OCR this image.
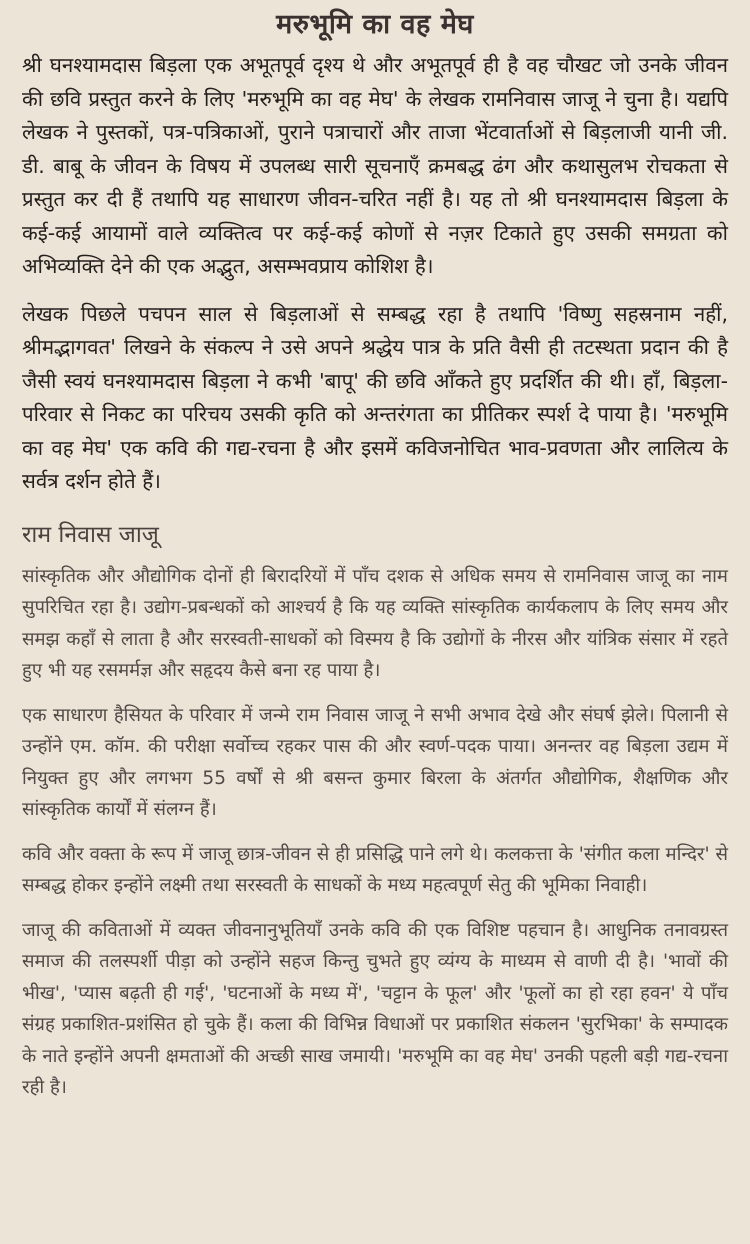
मरुभूमि का वह मेघ

श्री घनश्यामदास बिड़ला एक अभूतपूर्व दृश्य थे और अभूतपूर्व ही है वह चौखट जो उनके जीवन की छवि प्रस्तुत करने के लिए 'मरुभूमि का वह मेघ' के लेखक रामनिवास जाजू ने चुना है। यद्यपि लेखक ने पुस्तकों, पत्र-पत्रिकाओं, पुराने पत्राचारों और ताजा भेंटवार्ताओं से बिड़लाजी यानी जी. डी. बाबू के जीवन के विषय में उपलब्ध सारी सूचनाएँ क्रमबद्ध ढंग और कथासुलभ रोचकता से प्रस्तुत कर दी हैं तथापि यह साधारण जीवन-चरित नहीं है। यह तो श्री घनश्यामदास बिड़ला के कई-कई आयामों वाले व्यक्तित्व पर कई-कई कोणों से नज़र टिकाते हुए उसकी समग्रता को अभिव्यक्ति देने की एक अद्भुत, असम्भवप्राय कोशिश है।

लेखक पिछले पचपन साल से बिड़लाओं से सम्बद्ध रहा है तथापि 'विष्णु सहस्रनाम नहीं, श्रीमद्भागवत' लिखने के संकल्प ने उसे अपने श्रद्धेय पात्र के प्रति वैसी ही तटस्थता प्रदान की है जैसी स्वयं घनश्यामदास बिड़ला ने कभी 'बापू' की छवि आँकते हुए प्रदर्शित की थी। हाँ, बिड़ला-परिवार से निकट का परिचय उसकी कृति को अन्तरंगता का प्रीतिकर स्पर्श दे पाया है। 'मरुभूमि का वह मेघ' एक कवि की गद्य-रचना है और इसमें कविजनोचित भाव-प्रवणता और लालित्य के सर्वत्र दर्शन होते हैं।

राम निवास जाजू

सांस्कृतिक और औद्योगिक दोनों ही बिरादरियों में पाँच दशक से अधिक समय से रामनिवास जाजू का नाम सुपरिचित रहा है। उद्योग-प्रबन्धकों को आश्चर्य है कि यह व्यक्ति सांस्कृतिक कार्यकलाप के लिए समय और समझ कहाँ से लाता है और सरस्वती-साधकों को विस्मय है कि उद्योगों के नीरस और यांत्रिक संसार में रहते हुए भी यह रसमर्मज्ञ और सहृदय कैसे बना रह पाया है।

एक साधारण हैसियत के परिवार में जन्मे राम निवास जाजू ने सभी अभाव देखे और संघर्ष झेले। पिलानी से उन्होंने एम. कॉम. की परीक्षा सर्वोच्च रहकर पास की और स्वर्ण-पदक पाया। अनन्तर वह बिड़ला उद्यम में नियुक्त हुए और लगभग 55 वर्षों से श्री बसन्त कुमार बिरला के अंतर्गत औद्योगिक, शैक्षणिक और सांस्कृतिक कार्यों में संलग्न हैं।

कवि और वक्ता के रूप में जाजू छात्र-जीवन से ही प्रसिद्धि पाने लगे थे। कलकत्ता के 'संगीत कला मन्दिर' से सम्बद्ध होकर इन्होंने लक्ष्मी तथा सरस्वती के साधकों के मध्य महत्वपूर्ण सेतु की भूमिका निवाही।

जाजू की कविताओं में व्यक्त जीवनानुभूतियाँ उनके कवि की एक विशिष्ट पहचान है। आधुनिक तनावग्रस्त समाज की तलस्पर्शी पीड़ा को उन्होंने सहज किन्तु चुभते हुए व्यंग्य के माध्यम से वाणी दी है। 'भावों की भीख', 'प्यास बढ़ती ही गई', 'घटनाओं के मध्य में', 'चट्टान के फूल' और 'फूलों का हो रहा हवन' ये पाँच संग्रह प्रकाशित-प्रशंसित हो चुके हैं। कला की विभिन्न विधाओं पर प्रकाशित संकलन 'सुरभिका' के सम्पादक के नाते इन्होंने अपनी क्षमताओं की अच्छी साख जमायी। 'मरुभूमि का वह मेघ' उनकी पहली बड़ी गद्य-रचना रही है।
